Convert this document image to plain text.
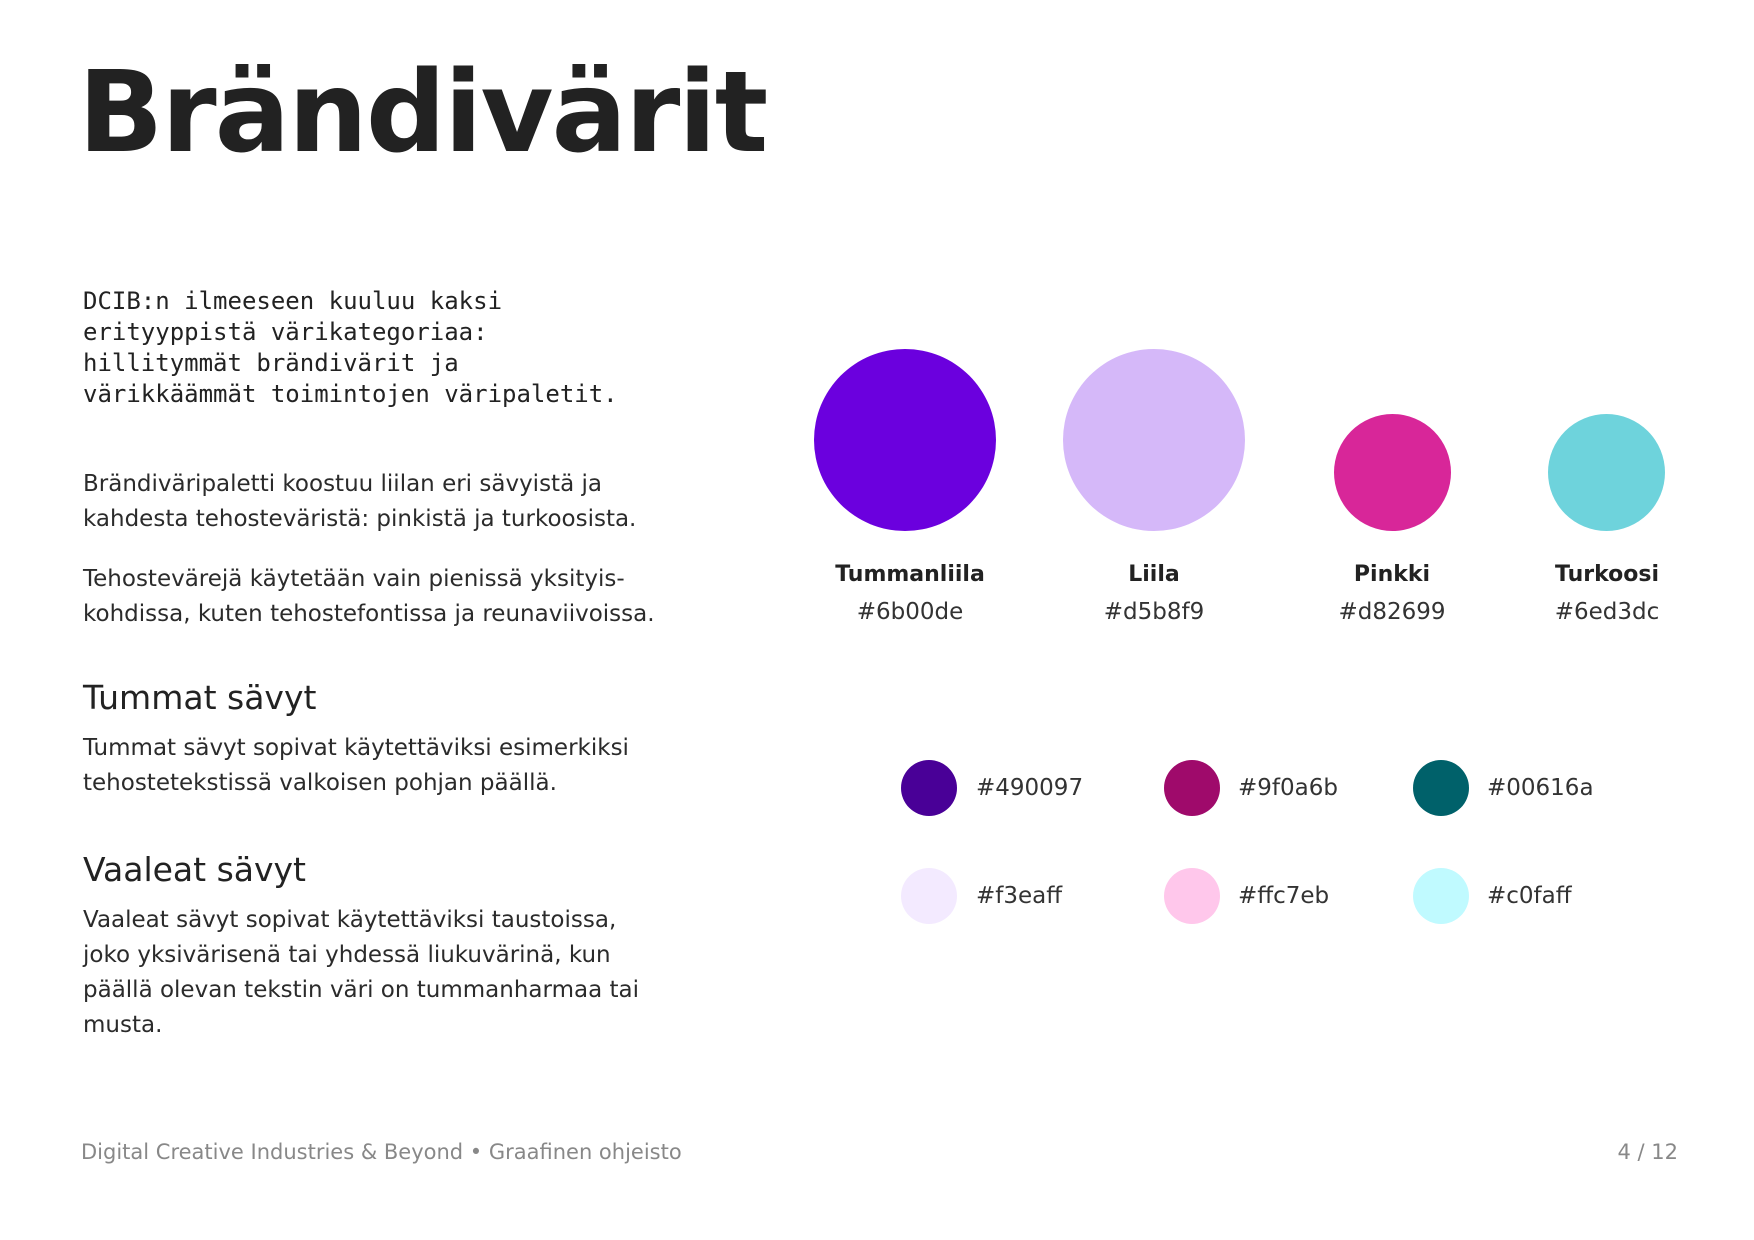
Brändivärit

DCIB:n ilmeeseen kuuluu kaksi
erityyppistä värikategoriaa:
hillitymmät brändivärit ja
värikkäämmät toimintojen väripaletit.

Brändiväripaletti koostuu liilan eri sävyistä ja
kahdesta tehosteväristä: pinkistä ja turkoosista.

Tehostevärejä käytetään vain pienissä yksityis-
kohdissa, kuten tehostefontissa ja reunaviivoissa.

Tummat sävyt

Tummat sävyt sopivat käytettäviksi esimerkiksi
tehostetekstissä valkoisen pohjan päällä.

Vaaleat sävyt

Vaaleat sävyt sopivat käytettäviksi taustoissa,
joko yksivärisenä tai yhdessä liukuvärinä, kun
päällä olevan tekstin väri on tummanharmaa tai
musta.

Tummanliila
#6b00de
Liila
#d5b8f9
Pinkki
#d82699
Turkoosi
#6ed3dc
#490097	#9f0a6b	#00616a
#f3eaff	#ffc7eb	#c0faff
Digital Creative Industries & Beyond • Graafinen ohjeisto	4 / 12
